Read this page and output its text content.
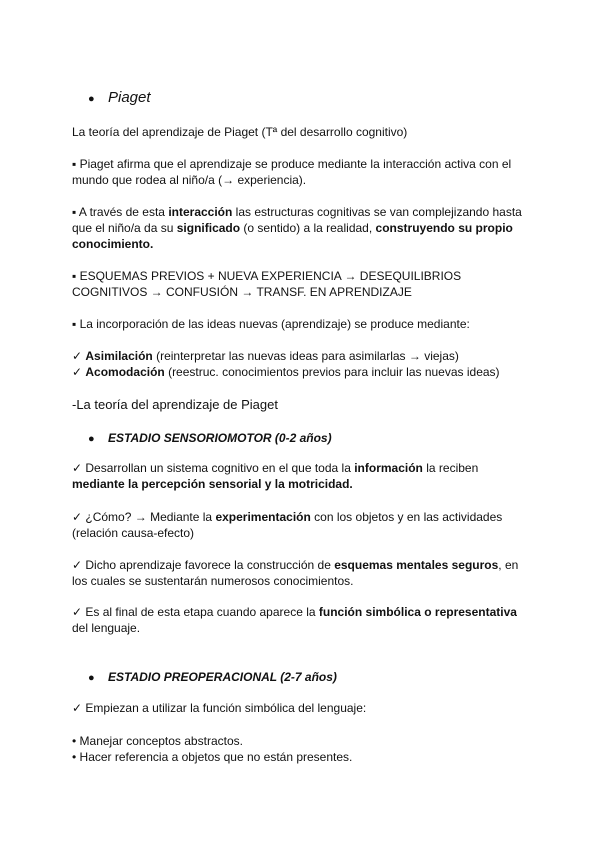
● Piaget

La teoría del aprendizaje de Piaget (Tª del desarrollo cognitivo)

▪ Piaget afirma que el aprendizaje se produce mediante la interacción activa con el mundo que rodea al niño/a (→ experiencia).

▪ A través de esta interacción las estructuras cognitivas se van complejizando hasta que el niño/a da su significado (o sentido) a la realidad, construyendo su propio conocimiento.

▪ ESQUEMAS PREVIOS + NUEVA EXPERIENCIA → DESEQUILIBRIOS COGNITIVOS → CONFUSIÓN → TRANSF. EN APRENDIZAJE

▪ La incorporación de las ideas nuevas (aprendizaje) se produce mediante:

✓ Asimilación (reinterpretar las nuevas ideas para asimilarlas → viejas)

✓ Acomodación (reestruc. conocimientos previos para incluir las nuevas ideas)

-La teoría del aprendizaje de Piaget

●	ESTADIO SENSORIOMOTOR (0-2 años)

✓ Desarrollan un sistema cognitivo en el que toda la información la reciben mediante la percepción sensorial y la motricidad.

✓ ¿Cómo? → Mediante la experimentación con los objetos y en las actividades (relación causa-efecto)

✓ Dicho aprendizaje favorece la construcción de esquemas mentales seguros, en los cuales se sustentarán numerosos conocimientos.

✓ Es al final de esta etapa cuando aparece la función simbólica o representativa del lenguaje.

●	ESTADIO PREOPERACIONAL (2-7 años)

✓ Empiezan a utilizar la función simbólica del lenguaje:

• Manejar conceptos abstractos.

• Hacer referencia a objetos que no están presentes.
